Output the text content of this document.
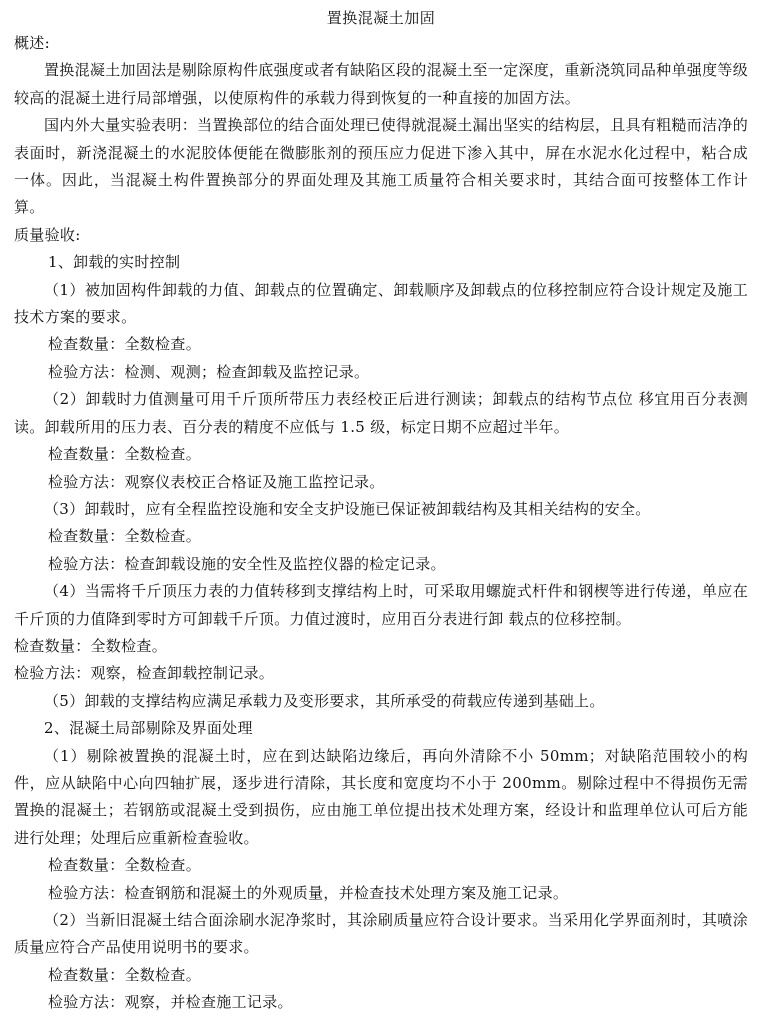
置换混凝土加固

概述:

置换混凝土加固法是剔除原构件底强度或者有缺陷区段的混凝土至一定深度，重新浇筑同品种单强度等级较高的混凝土进行局部增强，以使原构件的承载力得到恢复的一种直接的加固方法。

国内外大量实验表明：当置换部位的结合面处理已使得就混凝土漏出坚实的结构层，且具有粗糙而洁净的表面时，新浇混凝土的水泥胶体便能在微膨胀剂的预压应力促进下渗入其中，屏在水泥水化过程中，粘合成一体。因此，当混凝土构件置换部分的界面处理及其施工质量符合相关要求时，其结合面可按整体工作计算。

质量验收:

1、卸载的实时控制

（1）被加固构件卸载的力值、卸载点的位置确定、卸载顺序及卸载点的位移控制应符合设计规定及施工技术方案的要求。

检查数量：全数检查。

检验方法：检测、观测；检查卸载及监控记录。

（2）卸载时力值测量可用千斤顶所带压力表经校正后进行测读；卸载点的结构节点位 移宜用百分表测读。卸载所用的压力表、百分表的精度不应低与 1.5 级，标定日期不应超过半年。

检查数量：全数检查。

检验方法：观察仪表校正合格证及施工监控记录。

（3）卸载时，应有全程监控设施和安全支护设施已保证被卸载结构及其相关结构的安全。

检查数量：全数检查。

检验方法：检查卸载设施的安全性及监控仪器的检定记录。

（4）当需将千斤顶压力表的力值转移到支撑结构上时，可采取用螺旋式杆件和钢楔等进行传递，单应在千斤顶的力值降到零时方可卸载千斤顶。力值过渡时，应用百分表进行卸 载点的位移控制。

检查数量：全数检查。

检验方法：观察，检查卸载控制记录。

（5）卸载的支撑结构应满足承载力及变形要求，其所承受的荷载应传递到基础上。

2、混凝土局部剔除及界面处理

（1）剔除被置换的混凝土时，应在到达缺陷边缘后，再向外清除不小 50mm；对缺陷范围较小的构件，应从缺陷中心向四轴扩展，逐步进行清除，其长度和宽度均不小于 200mm。剔除过程中不得损伤无需置换的混凝土；若钢筋或混凝土受到损伤，应由施工单位提出技术处理方案，经设计和监理单位认可后方能进行处理；处理后应重新检查验收。

检查数量：全数检查。

检验方法：检查钢筋和混凝土的外观质量，并检查技术处理方案及施工记录。

（2）当新旧混凝土结合面涂刷水泥净浆时，其涂刷质量应符合设计要求。当采用化学界面剂时，其喷涂质量应符合产品使用说明书的要求。

检查数量：全数检查。

检验方法：观察，并检查施工记录。
